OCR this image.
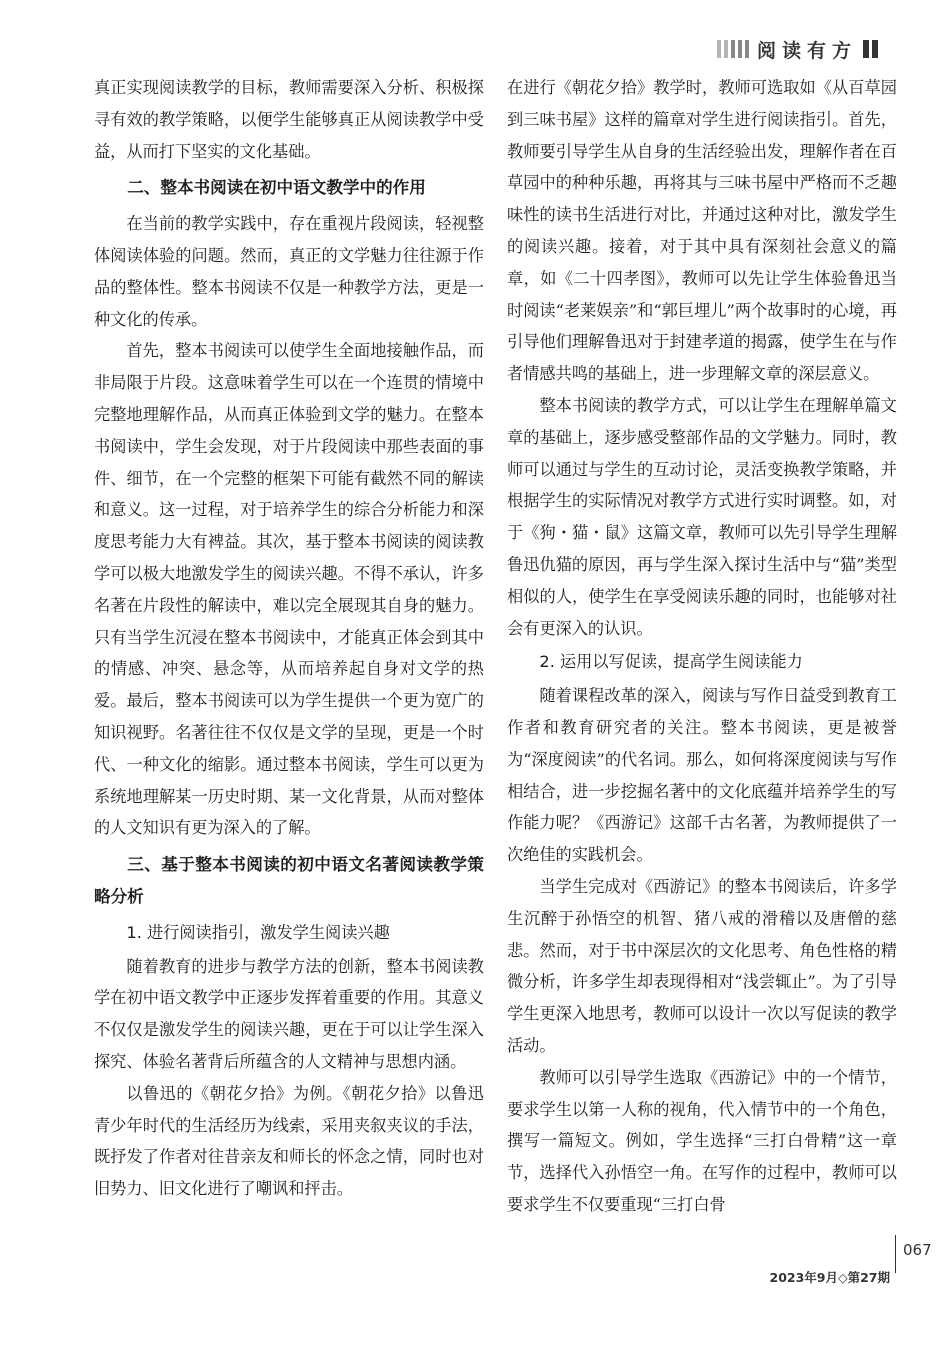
阅读有方

真正实现阅读教学的目标，教师需要深入分析、积极探寻有效的教学策略，以便学生能够真正从阅读教学中受益，从而打下坚实的文化基础。

二、整本书阅读在初中语文教学中的作用

在当前的教学实践中，存在重视片段阅读，轻视整体阅读体验的问题。然而，真正的文学魅力往往源于作品的整体性。整本书阅读不仅是一种教学方法，更是一种文化的传承。

首先，整本书阅读可以使学生全面地接触作品，而非局限于片段。这意味着学生可以在一个连贯的情境中完整地理解作品，从而真正体验到文学的魅力。在整本书阅读中，学生会发现，对于片段阅读中那些表面的事件、细节，在一个完整的框架下可能有截然不同的解读和意义。这一过程，对于培养学生的综合分析能力和深度思考能力大有裨益。其次，基于整本书阅读的阅读教学可以极大地激发学生的阅读兴趣。不得不承认，许多名著在片段性的解读中，难以完全展现其自身的魅力。只有当学生沉浸在整本书阅读中，才能真正体会到其中的情感、冲突、悬念等，从而培养起自身对文学的热爱。最后，整本书阅读可以为学生提供一个更为宽广的知识视野。名著往往不仅仅是文学的呈现，更是一个时代、一种文化的缩影。通过整本书阅读，学生可以更为系统地理解某一历史时期、某一文化背景，从而对整体的人文知识有更为深入的了解。

三、基于整本书阅读的初中语文名著阅读教学策略分析
1. 进行阅读指引，激发学生阅读兴趣

随着教育的进步与教学方法的创新，整本书阅读教学在初中语文教学中正逐步发挥着重要的作用。其意义不仅仅是激发学生的阅读兴趣，更在于可以让学生深入探究、体验名著背后所蕴含的人文精神与思想内涵。

以鲁迅的《朝花夕拾》为例。《朝花夕拾》以鲁迅青少年时代的生活经历为线索，采用夹叙夹议的手法，既抒发了作者对往昔亲友和师长的怀念之情，同时也对旧势力、旧文化进行了嘲讽和抨击。

在进行《朝花夕拾》教学时，教师可选取如《从百草园到三味书屋》这样的篇章对学生进行阅读指引。首先，教师要引导学生从自身的生活经验出发，理解作者在百草园中的种种乐趣，再将其与三味书屋中严格而不乏趣味性的读书生活进行对比，并通过这种对比，激发学生的阅读兴趣。接着，对于其中具有深刻社会意义的篇章，如《二十四孝图》，教师可以先让学生体验鲁迅当时阅读“老莱娱亲”和“郭巨埋儿”两个故事时的心境，再引导他们理解鲁迅对于封建孝道的揭露，使学生在与作者情感共鸣的基础上，进一步理解文章的深层意义。

整本书阅读的教学方式，可以让学生在理解单篇文章的基础上，逐步感受整部作品的文学魅力。同时，教师可以通过与学生的互动讨论，灵活变换教学策略，并根据学生的实际情况对教学方式进行实时调整。如，对于《狗・猫・鼠》这篇文章，教师可以先引导学生理解鲁迅仇猫的原因，再与学生深入探讨生活中与“猫”类型相似的人，使学生在享受阅读乐趣的同时，也能够对社会有更深入的认识。

2. 运用以写促读，提高学生阅读能力

随着课程改革的深入，阅读与写作日益受到教育工作者和教育研究者的关注。整本书阅读，更是被誉为“深度阅读”的代名词。那么，如何将深度阅读与写作相结合，进一步挖掘名著中的文化底蕴并培养学生的写作能力呢？《西游记》这部千古名著，为教师提供了一次绝佳的实践机会。

当学生完成对《西游记》的整本书阅读后，许多学生沉醉于孙悟空的机智、猪八戒的滑稽以及唐僧的慈悲。然而，对于书中深层次的文化思考、角色性格的精微分析，许多学生却表现得相对“浅尝辄止”。为了引导学生更深入地思考，教师可以设计一次以写促读的教学活动。

教师可以引导学生选取《西游记》中的一个情节，要求学生以第一人称的视角，代入情节中的一个角色，撰写一篇短文。例如，学生选择“三打白骨精”这一章节，选择代入孙悟空一角。在写作的过程中，教师可以要求学生不仅要重现“三打白骨

067
2023年9月◇第27期
